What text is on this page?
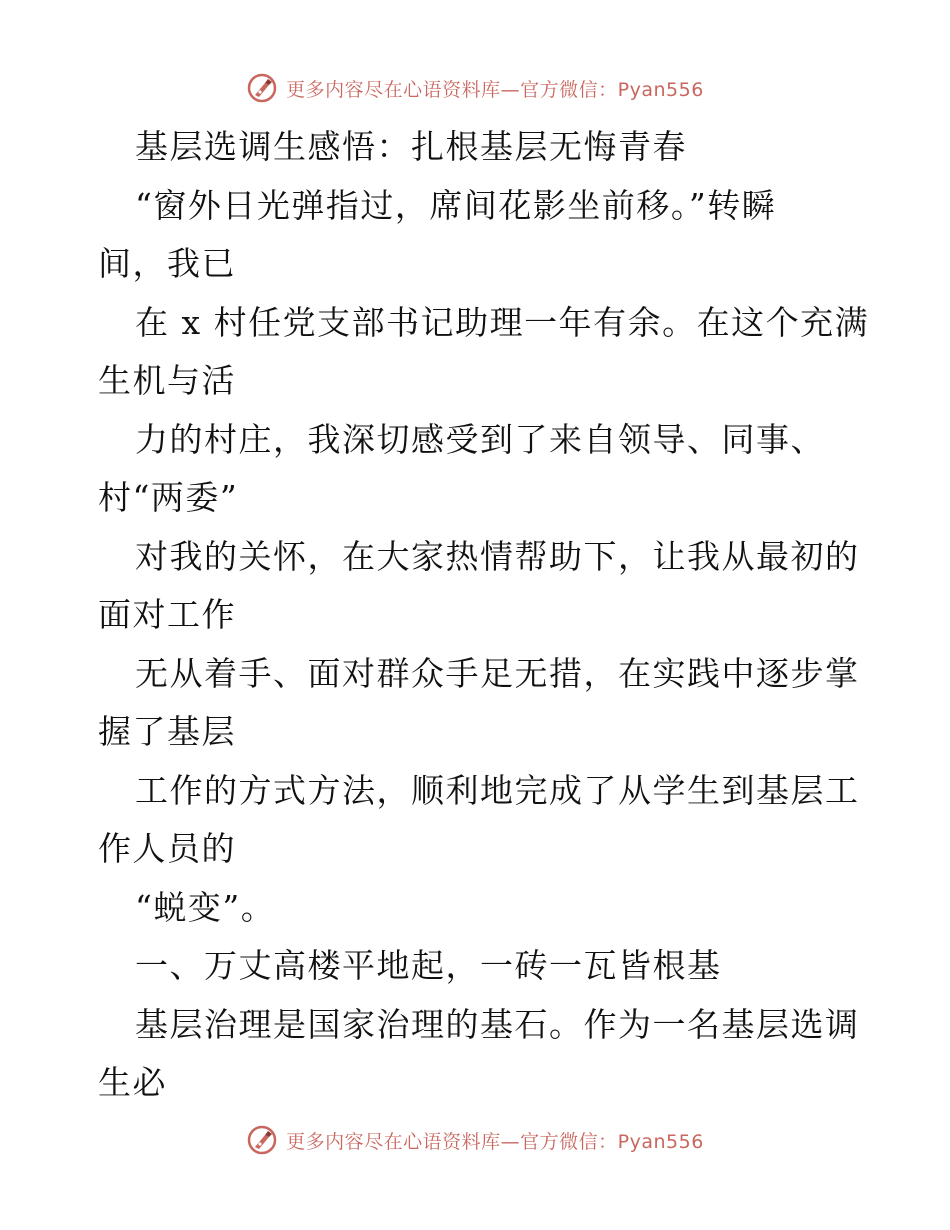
更多内容尽在心语资料库—官方微信：Pyan556
基层选调生感悟：扎根基层无悔青春
“窗外日光弹指过，席间花影坐前移。”转瞬
间，我已
在 x 村任党支部书记助理一年有余。在这个充满
生机与活
力的村庄，我深切感受到了来自领导、同事、
村“两委”
对我的关怀，在大家热情帮助下，让我从最初的
面对工作
无从着手、面对群众手足无措，在实践中逐步掌
握了基层
工作的方式方法，顺利地完成了从学生到基层工
作人员的
“蜕变”。
一、万丈高楼平地起，一砖一瓦皆根基
基层治理是国家治理的基石。作为一名基层选调
生必
更多内容尽在心语资料库—官方微信：Pyan556
